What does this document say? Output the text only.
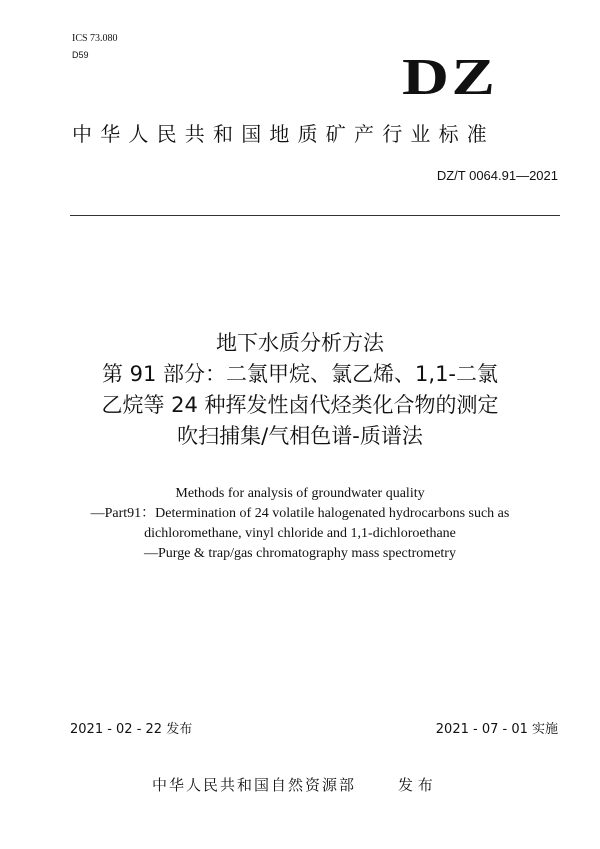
ICS 73.080
D59	DZ
中华人民共和国地质矿产行业标准
DZ/T 0064.91—2021
地下水质分析方法
第 91 部分：二氯甲烷、氯乙烯、1,1-二氯
乙烷等 24 种挥发性卤代烃类化合物的测定
吹扫捕集/气相色谱-质谱法
Methods for analysis of groundwater quality
—Part91：Determination of 24 volatile halogenated hydrocarbons such as
dichloromethane, vinyl chloride and 1,1-dichloroethane
—Purge & trap/gas chromatography mass spectrometry
2021 - 02 - 22 发布	2021 - 07 - 01 实施
中华人民共和国自然资源部	发 布
